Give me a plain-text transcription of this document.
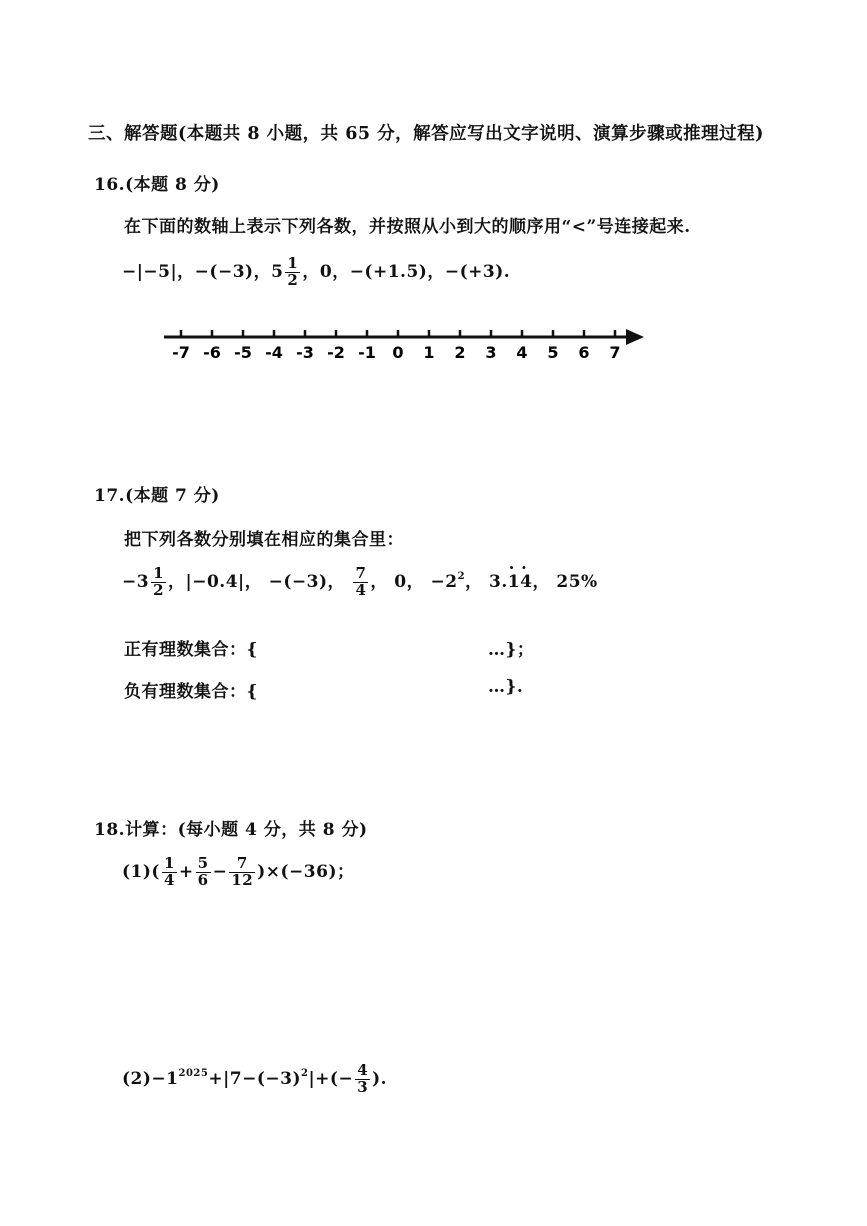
三、解答题(本题共 8 小题，共 65 分，解答应写出文字说明、演算步骤或推理过程)
16.(本题 8 分)
在下面的数轴上表示下列各数，并按照从小到大的顺序用“<”号连接起来.
−|−5|，−(−3)，$5 \frac{1}{2}$ ，0，−(+1.5)，−(+3).
-7 -6 -5 -4 -3 -2 -1 0 1 2 3 4 5 6 7
17.(本题 7 分)
把下列各数分别填在相应的集合里：
$-3 \frac{1}{2}$ ，|−0.4|， −(−3)， $\frac{7}{4}$ ， 0， $-2^2$， 3.· 1· 4， 25%
正有理数集合：{	…}；
负有理数集合：{	…}.
18.计算：(每小题 4 分，共 8 分)
$(1)( \frac{1}{4} + \frac{5}{6} - \frac{7}{12} )\times(-36)$；
$(2)-1^{2025}+|7-(-3)^2|+(- \frac{4}{3}$ ).
